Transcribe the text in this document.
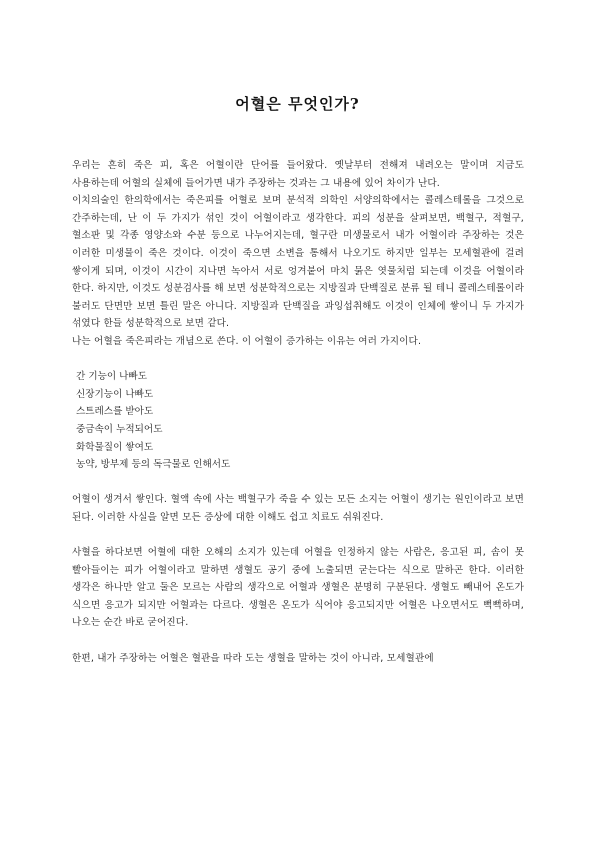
어혈은 무엇인가?

우리는 흔히 죽은 피, 혹은 어혈이란 단어를 들어왔다. 옛날부터 전해져 내려오는 말이며 지금도 사용하는데 어혈의 실체에 들어가면 내가 주장하는 것과는 그 내용에 있어 차이가 난다.

이치의술인 한의학에서는 죽은피를 어혈로 보며 분석적 의학인 서양의학에서는 콜레스테롤을 그것으로 간주하는데, 난 이 두 가지가 섞인 것이 어혈이라고 생각한다. 피의 성분을 살펴보면, 백혈구, 적혈구, 혈소판 및 각종 영양소와 수분 등으로 나누어지는데, 혈구란 미생물로서 내가 어혈이라 주장하는 것은 이러한 미생물이 죽은 것이다. 이것이 죽으면 소변을 통해서 나오기도 하지만 일부는 모세혈관에 걸려 쌓이게 되며, 이것이 시간이 지나면 녹아서 서로 엉겨붙어 마치 묽은 엿물처럼 되는데 이것을 어혈이라 한다. 하지만, 이것도 성분검사를 해 보면 성분학적으로는 지방질과 단백질로 분류 될 테니 콜레스테롤이라 불러도 단면만 보면 틀린 말은 아니다. 지방질과 단백질을 과잉섭취해도 이것이 인체에 쌓이니 두 가지가 섞였다 한들 성분학적으로 보면 같다.

나는 어혈을 죽은피라는 개념으로 쓴다. 이 어혈이 증가하는 이유는 여러 가지이다.

간 기능이 나빠도
신장기능이 나빠도
스트레스를 받아도
중금속이 누적되어도
화학물질이 쌓여도
농약, 방부제 등의 독극물로 인해서도

어혈이 생겨서 쌓인다. 혈액 속에 사는 백혈구가 죽을 수 있는 모든 소지는 어혈이 생기는 원인이라고 보면 된다. 이러한 사실을 알면 모든 증상에 대한 이해도 쉽고 치료도 쉬워진다.

사혈을 하다보면 어혈에 대한 오해의 소지가 있는데 어혈을 인정하지 않는 사람은, 응고된 피, 솜이 못 빨아들이는 피가 어혈이라고 말하면 생혈도 공기 중에 노출되면 굳는다는 식으로 말하곤 한다. 이러한 생각은 하나만 알고 둘은 모르는 사람의 생각으로 어혈과 생혈은 분명히 구분된다. 생혈도 빼내어 온도가 식으면 응고가 되지만 어혈과는 다르다. 생혈은 온도가 식어야 응고되지만 어혈은 나오면서도 뻑뻑하며, 나오는 순간 바로 굳어진다.

한편, 내가 주장하는 어혈은 혈관을 따라 도는 생혈을 말하는 것이 아니라, 모세혈관에
